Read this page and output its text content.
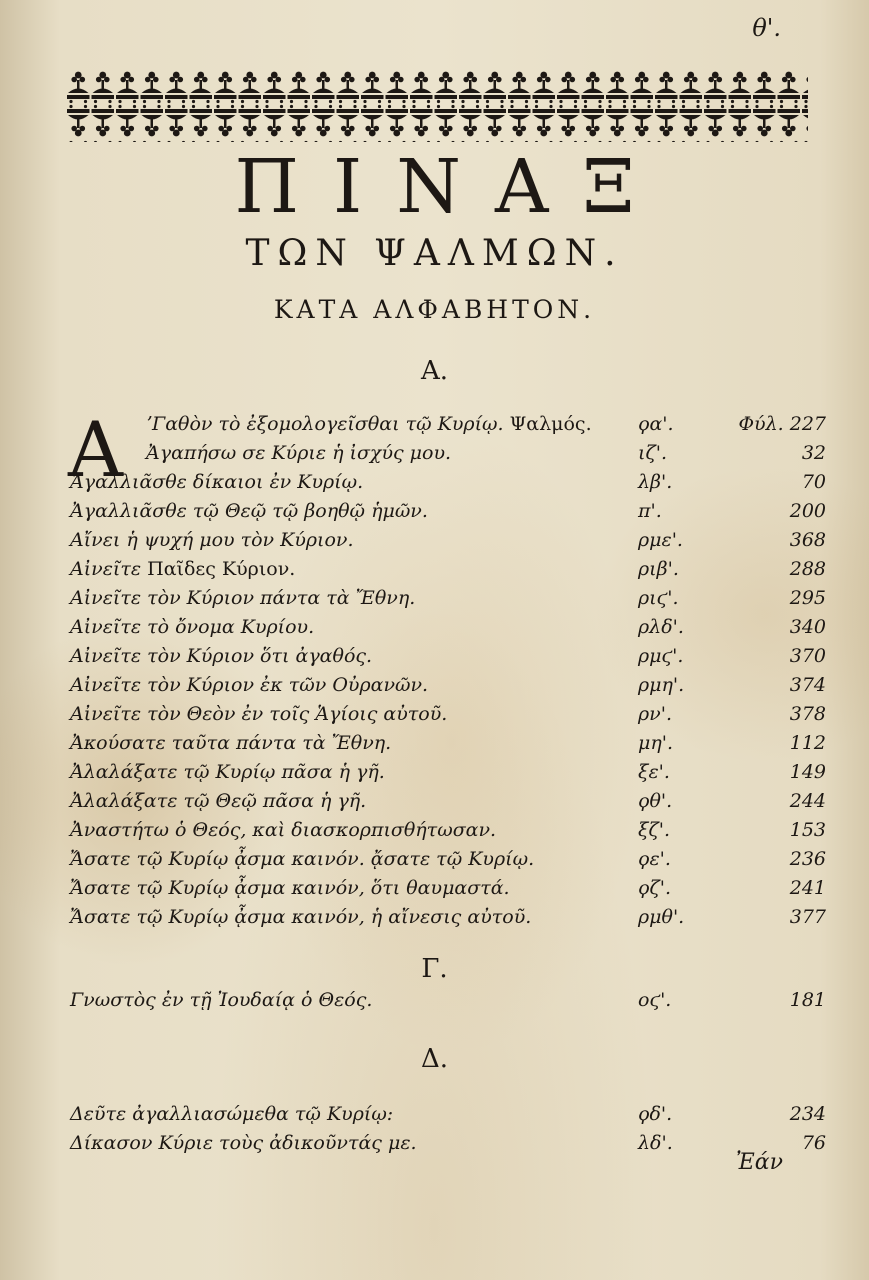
θ'.
ΠΙΝΑΞ
ΤΩΝ ΨΑΛΜΩΝ.
ΚΑΤΑ ΑΛΦΑΒΗΤΟΝ.
Α.
Α ʼΓαθὸν τὸ ἐξομολογεῖσθαι τῷ Κυρίῳ. Ψαλμός. ϙα'.	Φύλ. 227
Ἀγαπήσω σε Κύριε ἡ ἰσχύς μου.	ιζ'.	32
Ἀγαλλιᾶσθε δίκαιοι ἐν Κυρίῳ.	λβ'.	70
Ἀγαλλιᾶσθε τῷ Θεῷ τῷ βοηθῷ ἡμῶν.	π'.	200
Αἴνει ἡ ψυχή μου τὸν Κύριον.	ρμε'.	368
Αἰνεῖτε Παῖδες Κύριον.	ριβ'.	288
Αἰνεῖτε τὸν Κύριον πάντα τὰ Ἔθνη.	ριϛ'.	295
Αἰνεῖτε τὸ ὄνομα Κυρίου.	ρλδ'.	340
Αἰνεῖτε τὸν Κύριον ὅτι ἀγαθός.	ρμϛ'.	370
Αἰνεῖτε τὸν Κύριον ἐκ τῶν Οὐρανῶν.	ρμη'.	374
Αἰνεῖτε τὸν Θεὸν ἐν τοῖς Ἁγίοις αὐτοῦ.	ρν'.	378
Ἀκούσατε ταῦτα πάντα τὰ Ἔθνη.	μη'.	112
Ἀλαλάξατε τῷ Κυρίῳ πᾶσα ἡ γῆ.	ξε'.	149
Ἀλαλάξατε τῷ Θεῷ πᾶσα ἡ γῆ.	ϙθ'.	244
Ἀναστήτω ὁ Θεός, καὶ διασκορπισθήτωσαν.	ξζ'.	153
Ἄσατε τῷ Κυρίῳ ᾆσμα καινόν. ᾄσατε τῷ Κυρίῳ.	ϙε'.	236
Ἄσατε τῷ Κυρίῳ ᾆσμα καινόν, ὅτι θαυμαστά.	ϙζ'.	241
Ἄσατε τῷ Κυρίῳ ᾆσμα καινόν, ἡ αἴνεσις αὐτοῦ.	ρμθ'.	377
Γ.
Γνωστὸς ἐν τῇ Ἰουδαίᾳ ὁ Θεός.	οϛ'.	181
Δ.
Δεῦτε ἀγαλλιασώμεθα τῷ Κυρίῳ:	ϙδ'.	234
Δίκασον Κύριε τοὺς ἀδικοῦντάς με.	λδ'.	76
Ἐάν
